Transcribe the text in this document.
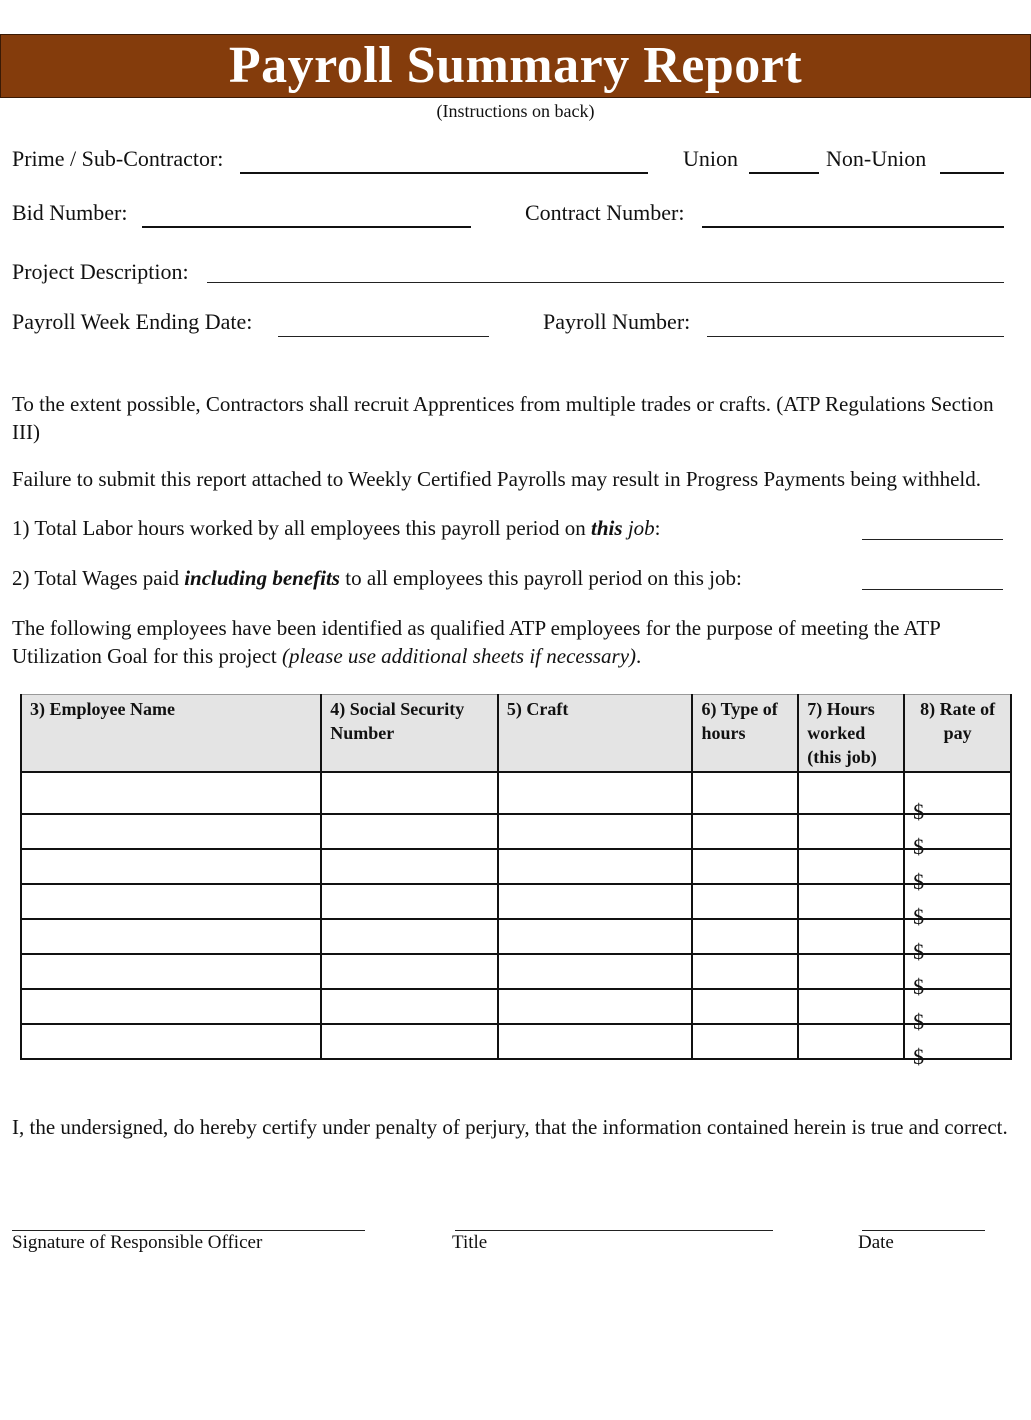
Payroll Summary Report
(Instructions on back)
Prime / Sub-Contractor:	Union	Non-Union
Bid Number:	Contract Number:
Project Description:
Payroll Week Ending Date:	Payroll Number:
To the extent possible, Contractors shall recruit Apprentices from multiple trades or crafts. (ATP Regulations Section III)
Failure to submit this report attached to Weekly Certified Payrolls may result in Progress Payments being withheld.
1) Total Labor hours worked by all employees this payroll period on this job:
2) Total Wages paid including benefits to all employees this payroll period on this job:
The following employees have been identified as qualified ATP employees for the purpose of meeting the ATP Utilization Goal for this project (please use additional sheets if necessary).
3) Employee Name	4) Social Security Number	5) Craft	6) Type of hours	7) Hours worked (this job)	8) Rate of pay

					$

					$

					$

					$

					$

					$

					$

					$
I, the undersigned, do hereby certify under penalty of perjury, that the information contained herein is true and correct.
Signature of Responsible Officer	Title	Date
